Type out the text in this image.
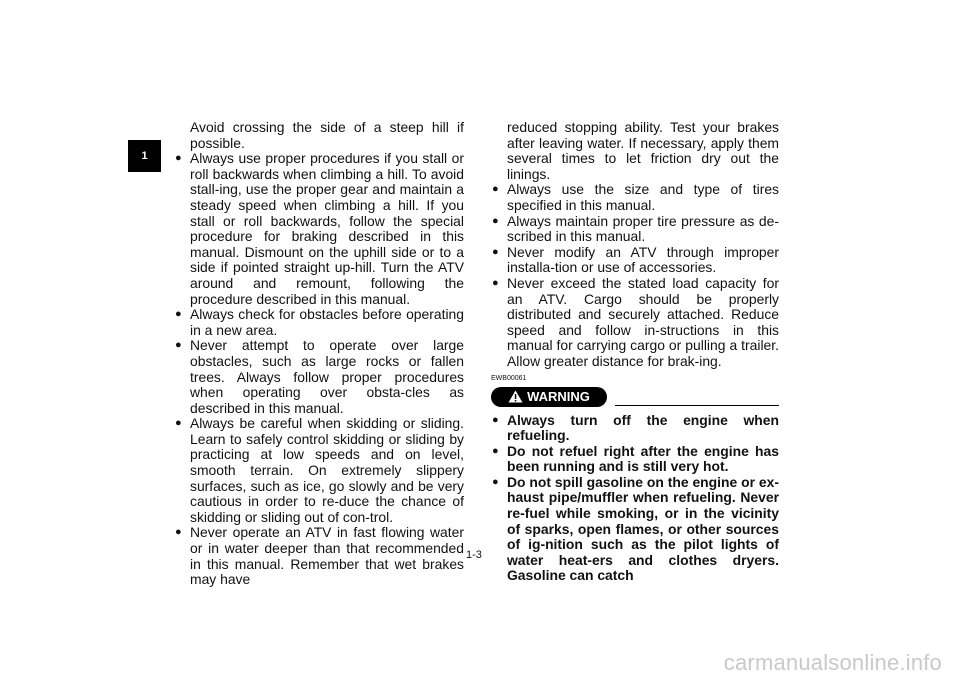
1
Avoid crossing the side of a steep hill if possible.
● Always use proper procedures if you stall or roll backwards when climbing a hill. To avoid stall-ing, use the proper gear and maintain a steady speed when climbing a hill. If you stall or roll backwards, follow the special procedure for braking described in this manual. Dismount on the uphill side or to a side if pointed straight up-hill. Turn the ATV around and remount, following the procedure described in this manual.
● Always check for obstacles before operating in a new area.
● Never attempt to operate over large obstacles, such as large rocks or fallen trees. Always follow proper procedures when operating over obsta-cles as described in this manual.
● Always be careful when skidding or sliding. Learn to safely control skidding or sliding by practicing at low speeds and on level, smooth terrain. On extremely slippery surfaces, such as ice, go slowly and be very cautious in order to re-duce the chance of skidding or sliding out of con-trol.
● Never operate an ATV in fast flowing water or in water deeper than that recommended in this manual. Remember that wet brakes may have
reduced stopping ability. Test your brakes after leaving water. If necessary, apply them several times to let friction dry out the linings.
● Always use the size and type of tires specified in this manual.
● Always maintain proper tire pressure as de-scribed in this manual.
● Never modify an ATV through improper installa-tion or use of accessories.
● Never exceed the stated load capacity for an ATV. Cargo should be properly distributed and securely attached. Reduce speed and follow in-structions in this manual for carrying cargo or pulling a trailer. Allow greater distance for brak-ing.
EWB00061
WARNING
● Always turn off the engine when refueling.
● Do not refuel right after the engine has been running and is still very hot.
● Do not spill gasoline on the engine or ex-haust pipe/muffler when refueling. Never re-fuel while smoking, or in the vicinity of sparks, open flames, or other sources of ig-nition such as the pilot lights of water heat-ers and clothes dryers. Gasoline can catch
1-3
carmanualsonline.info
